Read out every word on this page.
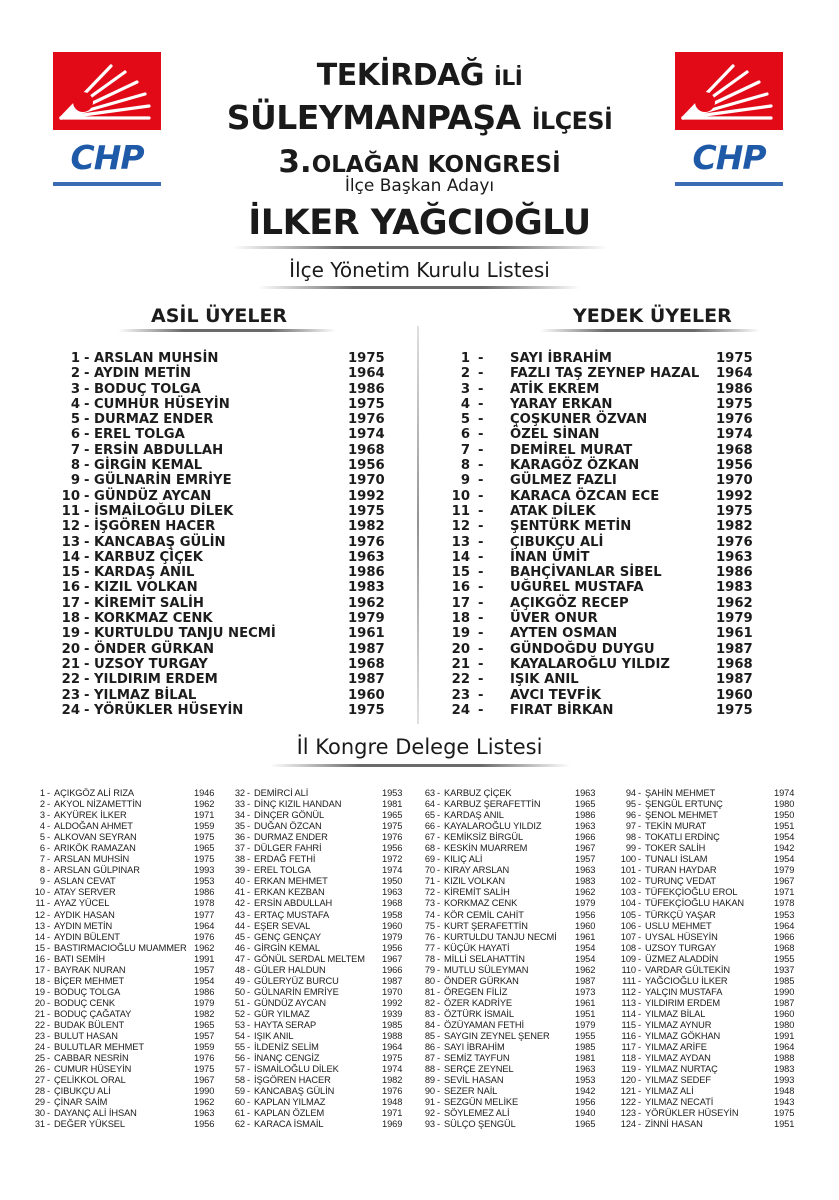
CHP	CHP
TEKİRDAĞ İLİ
SÜLEYMANPAŞA İLÇESİ
3.OLAĞAN KONGRESİ
İlçe Başkan Adayı
İLKER YAĞCIOĞLU
İlçe Yönetim Kurulu Listesi
ASİL ÜYELER	YEDEK ÜYELER
1 - ARSLAN MUHSİN	1975
2 - AYDIN METİN	1964
3 - BODUÇ TOLGA	1986
4 - CUMHUR HÜSEYİN	1975
5 - DURMAZ ENDER	1976
6 - EREL TOLGA	1974
7 - ERSİN ABDULLAH	1968
8 - GİRGİN KEMAL	1956
9 - GÜLNARİN EMRİYE	1970
10 - GÜNDÜZ AYCAN	1992
11 - İSMAİLOĞLU DİLEK	1975
12 - İŞGÖREN HACER	1982
13 - KANCABAŞ GÜLİN	1976
14 - KARBUZ ÇİÇEK	1963
15 - KARDAŞ ANIL	1986
16 - KIZIL VOLKAN	1983
17 - KİREMİT SALİH	1962
18 - KORKMAZ CENK	1979
19 - KURTULDU TANJU NECMİ	1961
20 - ÖNDER GÜRKAN	1987
21 - UZSOY TURGAY	1968
22 - YILDIRIM ERDEM	1987
23 - YILMAZ BİLAL	1960
24 - YÖRÜKLER HÜSEYİN	1975
1 - SAYI İBRAHİM	1975
2 - FAZLI TAŞ ZEYNEP HAZAL 1964
3 - ATİK EKREM	1986
4 - YARAY ERKAN	1975
5 - ÇOŞKUNER ÖZVAN	1976
6 - ÖZEL SİNAN	1974
7 - DEMİREL MURAT	1968
8 - KARAGÖZ ÖZKAN	1956
9 - GÜLMEZ FAZLI	1970
10 - KARACA ÖZCAN ECE	1992
11 - ATAK DİLEK	1975
12 - ŞENTÜRK METİN	1982
13 - ÇIBUKÇU ALİ	1976
14 - İNAN ÜMİT	1963
15 - BAHÇİVANLAR SİBEL	1986
16 - UĞUREL MUSTAFA	1983
17 - AÇIKGÖZ RECEP	1962
18 - ÜVER ONUR	1979
19 - AYTEN OSMAN	1961
20 - GÜNDOĞDU DUYGU	1987
21 - KAYALAROĞLU YILDIZ	1968
22 - IŞIK ANIL	1987
23 - AVCI TEVFİK	1960
24 - FIRAT BİRKAN	1975
İl Kongre Delege Listesi
1 - AÇIKGÖZ ALİ RIZA	1946
2 - AKYOL NİZAMETTİN	1962
3 - AKYÜREK İLKER	1971
4 - ALDOĞAN AHMET	1959
5 - ALKOVAN SEYRAN	1975
6 - ARIKÖK RAMAZAN	1965
7 - ARSLAN MUHSİN	1975
8 - ARSLAN GÜLPINAR	1993
9 - ASLAN CEVAT	1953
10 - ATAY SERVER	1986
11 - AYAZ YÜCEL	1978
12 - AYDIK HASAN	1977
13 - AYDIN METİN	1964
14 - AYDIN BÜLENT	1976
15 - BASTIRMACIOĞLU MUAMMER 1962
16 - BATI SEMİH	1991
17 - BAYRAK NURAN	1957
18 - BİÇER MEHMET	1954
19 - BODUÇ TOLGA	1986
20 - BODUÇ CENK	1979
21 - BODUÇ ÇAĞATAY	1982
22 - BUDAK BÜLENT	1965
23 - BULUT HASAN	1957
24 - BULUTLAR MEHMET	1959
25 - CABBAR NESRİN	1976
26 - CUMUR HÜSEYİN	1975
27 - ÇELİKKOL ORAL	1967
28 - ÇIBUKÇU ALİ	1990
29 - ÇİNAR SAİM	1962
30 - DAYANÇ ALİ İHSAN	1963
31 - DEĞER YÜKSEL	1956
32 - DEMİRCİ ALİ	1953
33 - DİNÇ KIZIL HANDAN	1981
34 - DİNÇER GÖNÜL	1965
35 - DUĞAN ÖZCAN	1975
36 - DURMAZ ENDER	1976
37 - DÜLGER FAHRİ	1956
38 - ERDAĞ FETHİ	1972
39 - EREL TOLGA	1974
40 - ERKAN MEHMET	1950
41 - ERKAN KEZBAN	1963
42 - ERSİN ABDULLAH	1968
43 - ERTAÇ MUSTAFA	1958
44 - EŞER SEVAL	1960
45 - GENÇ GENÇAY	1979
46 - GİRGİN KEMAL	1956
47 - GÖNÜL SERDAL MELTEM 1967
48 - GÜLER HALDUN	1966
49 - GÜLERYÜZ BURCU	1987
50 - GÜLNARİN EMRİYE	1970
51 - GÜNDÜZ AYCAN	1992
52 - GÜR YILMAZ	1939
53 - HAYTA SERAP	1985
54 - IŞIK ANIL	1988
55 - İLDENİZ SELİM	1964
56 - İNANÇ CENGİZ	1975
57 - İSMAİLOĞLU DİLEK	1974
58 - İŞGÖREN HACER	1982
59 - KANCABAŞ GÜLİN	1976
60 - KAPLAN YILMAZ	1948
61 - KAPLAN ÖZLEM	1971
62 - KARACA İSMAİL	1969
63 - KARBUZ ÇİÇEK	1963
64 - KARBUZ ŞERAFETTİN	1965
65 - KARDAŞ ANIL	1986
66 - KAYALAROĞLU YILDIZ	1963
67 - KEMİKSİZ BİRGÜL	1966
68 - KESKİN MUARREM	1967
69 - KILIÇ ALİ	1957
70 - KIRAY ARSLAN	1963
71 - KIZIL VOLKAN	1983
72 - KİREMİT SALİH	1962
73 - KORKMAZ CENK	1979
74 - KÖR CEMİL CAHİT	1956
75 - KURT ŞERAFETTİN	1960
76 - KURTULDU TANJU NECMİ 1961
77 - KÜÇÜK HAYATİ	1954
78 - MİLLİ SELAHATTİN	1954
79 - MUTLU SÜLEYMAN	1962
80 - ÖNDER GÜRKAN	1987
81 - ÖREGEN FİLİZ	1973
82 - ÖZER KADRİYE	1961
83 - ÖZTÜRK İSMAİL	1951
84 - ÖZÜYAMAN FETHİ	1979
85 - SAYGIN ZEYNEL ŞENER	1955
86 - SAYI İBRAHİM	1985
87 - SEMİZ TAYFUN	1981
88 - SERÇE ZEYNEL	1963
89 - SEVİL HASAN	1953
90 - SEZER NAİL	1942
91 - SEZGÜN MELİKE	1956
92 - SÖYLEMEZ ALİ	1940
93 - SÜLÇO ŞENGÜL	1965
94 - ŞAHİN MEHMET	1974
95 - ŞENGÜL ERTUNÇ	1980
96 - ŞENOL MEHMET	1950
97 - TEKİN MURAT	1951
98 - TOKATLI ERDİNÇ	1954
99 - TOKER SALİH	1942
100 - TUNALI İSLAM	1954
101 - TURAN HAYDAR	1979
102 - TURUNÇ VEDAT	1967
103 - TÜFEKÇİOĞLU EROL	1971
104 - TÜFEKÇİOĞLU HAKAN	1978
105 - TÜRKÇÜ YAŞAR	1953
106 - USLU MEHMET	1964
107 - UYSAL HÜSEYİN	1966
108 - UZSOY TURGAY	1968
109 - ÜZMEZ ALADDİN	1955
110 - VARDAR GÜLTEKİN	1937
111 - YAĞCIOĞLU İLKER	1985
112 - YALÇIN MUSTAFA	1990
113 - YILDIRIM ERDEM	1987
114 - YILMAZ BİLAL	1960
115 - YILMAZ AYNUR	1980
116 - YILMAZ GÖKHAN	1991
117 - YILMAZ ARİFE	1964
118 - YILMAZ AYDAN	1988
119 - YILMAZ NURTAÇ	1983
120 - YILMAZ SEDEF	1993
121 - YILMAZ ALİ	1948
122 - YILMAZ NECATİ	1943
123 - YÖRÜKLER HÜSEYİN	1975
124 - ZİNNİ HASAN	1951
